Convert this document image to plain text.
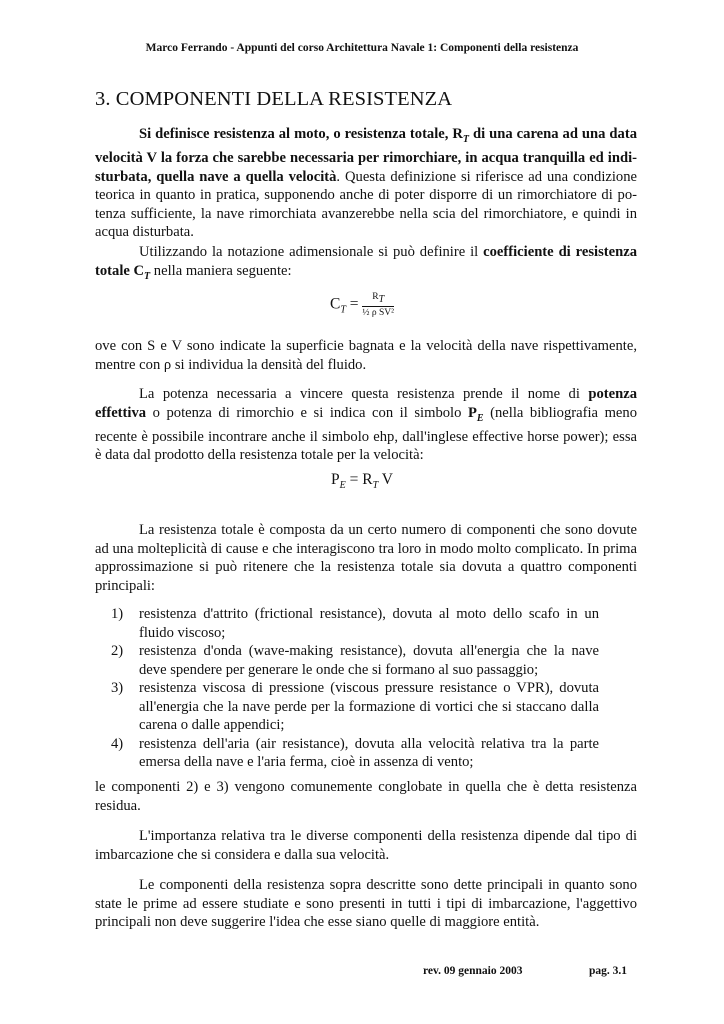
Marco Ferrando - Appunti del corso Architettura Navale 1: Componenti della resistenza
3. COMPONENTI DELLA RESISTENZA

Si definisce resistenza al moto, o resistenza totale, $R_T$ di una carena ad una data velocità V la forza che sarebbe necessaria per rimorchiare, in acqua tranquilla ed indi-sturbata, quella nave a quella velocità. Questa definizione si riferisce ad una condizione teorica in quanto in pratica, supponendo anche di poter disporre di un rimorchiatore di po-tenza sufficiente, la nave rimorchiata avanzerebbe nella scia del rimorchiatore, e quindi in acqua disturbata.

Utilizzando la notazione adimensionale si può definire il coefficiente di resistenza totale $C_T$ nella maniera seguente:

$C_T = \frac{R_T}{\text{½ ρ SV²}}$

ove con S e V sono indicate la superficie bagnata e la velocità della nave rispettivamente, mentre con ρ si individua la densità del fluido.

La potenza necessaria a vincere questa resistenza prende il nome di potenza effettiva o potenza di rimorchio e si indica con il simbolo $P_E$ (nella bibliografia meno recente è possibile incontrare anche il simbolo ehp, dall'inglese effective horse power); essa è data dal prodotto della resistenza totale per la velocità:

$P_E = R_T$ V

La resistenza totale è composta da un certo numero di componenti che sono dovute ad una molteplicità di cause e che interagiscono tra loro in modo molto complicato. In prima approssimazione si può ritenere che la resistenza totale sia dovuta a quattro componenti principali:

1) resistenza d'attrito (frictional resistance), dovuta al moto dello scafo in un fluido viscoso;
2) resistenza d'onda (wave-making resistance), dovuta all'energia che la nave deve spendere per generare le onde che si formano al suo passaggio;
3) resistenza viscosa di pressione (viscous pressure resistance o VPR), dovuta all'energia che la nave perde per la formazione di vortici che si staccano dalla carena o dalle appendici;
4) resistenza dell'aria (air resistance), dovuta alla velocità relativa tra la parte emersa della nave e l'aria ferma, cioè in assenza di vento;

le componenti 2) e 3) vengono comunemente conglobate in quella che è detta resistenza residua.

L'importanza relativa tra le diverse componenti della resistenza dipende dal tipo di imbarcazione che si considera e dalla sua velocità.

Le componenti della resistenza sopra descritte sono dette principali in quanto sono state le prime ad essere studiate e sono presenti in tutti i tipi di imbarcazione, l'aggettivo principali non deve suggerire l'idea che esse siano quelle di maggiore entità.

rev. 09 gennaio 2003	pag. 3.1
